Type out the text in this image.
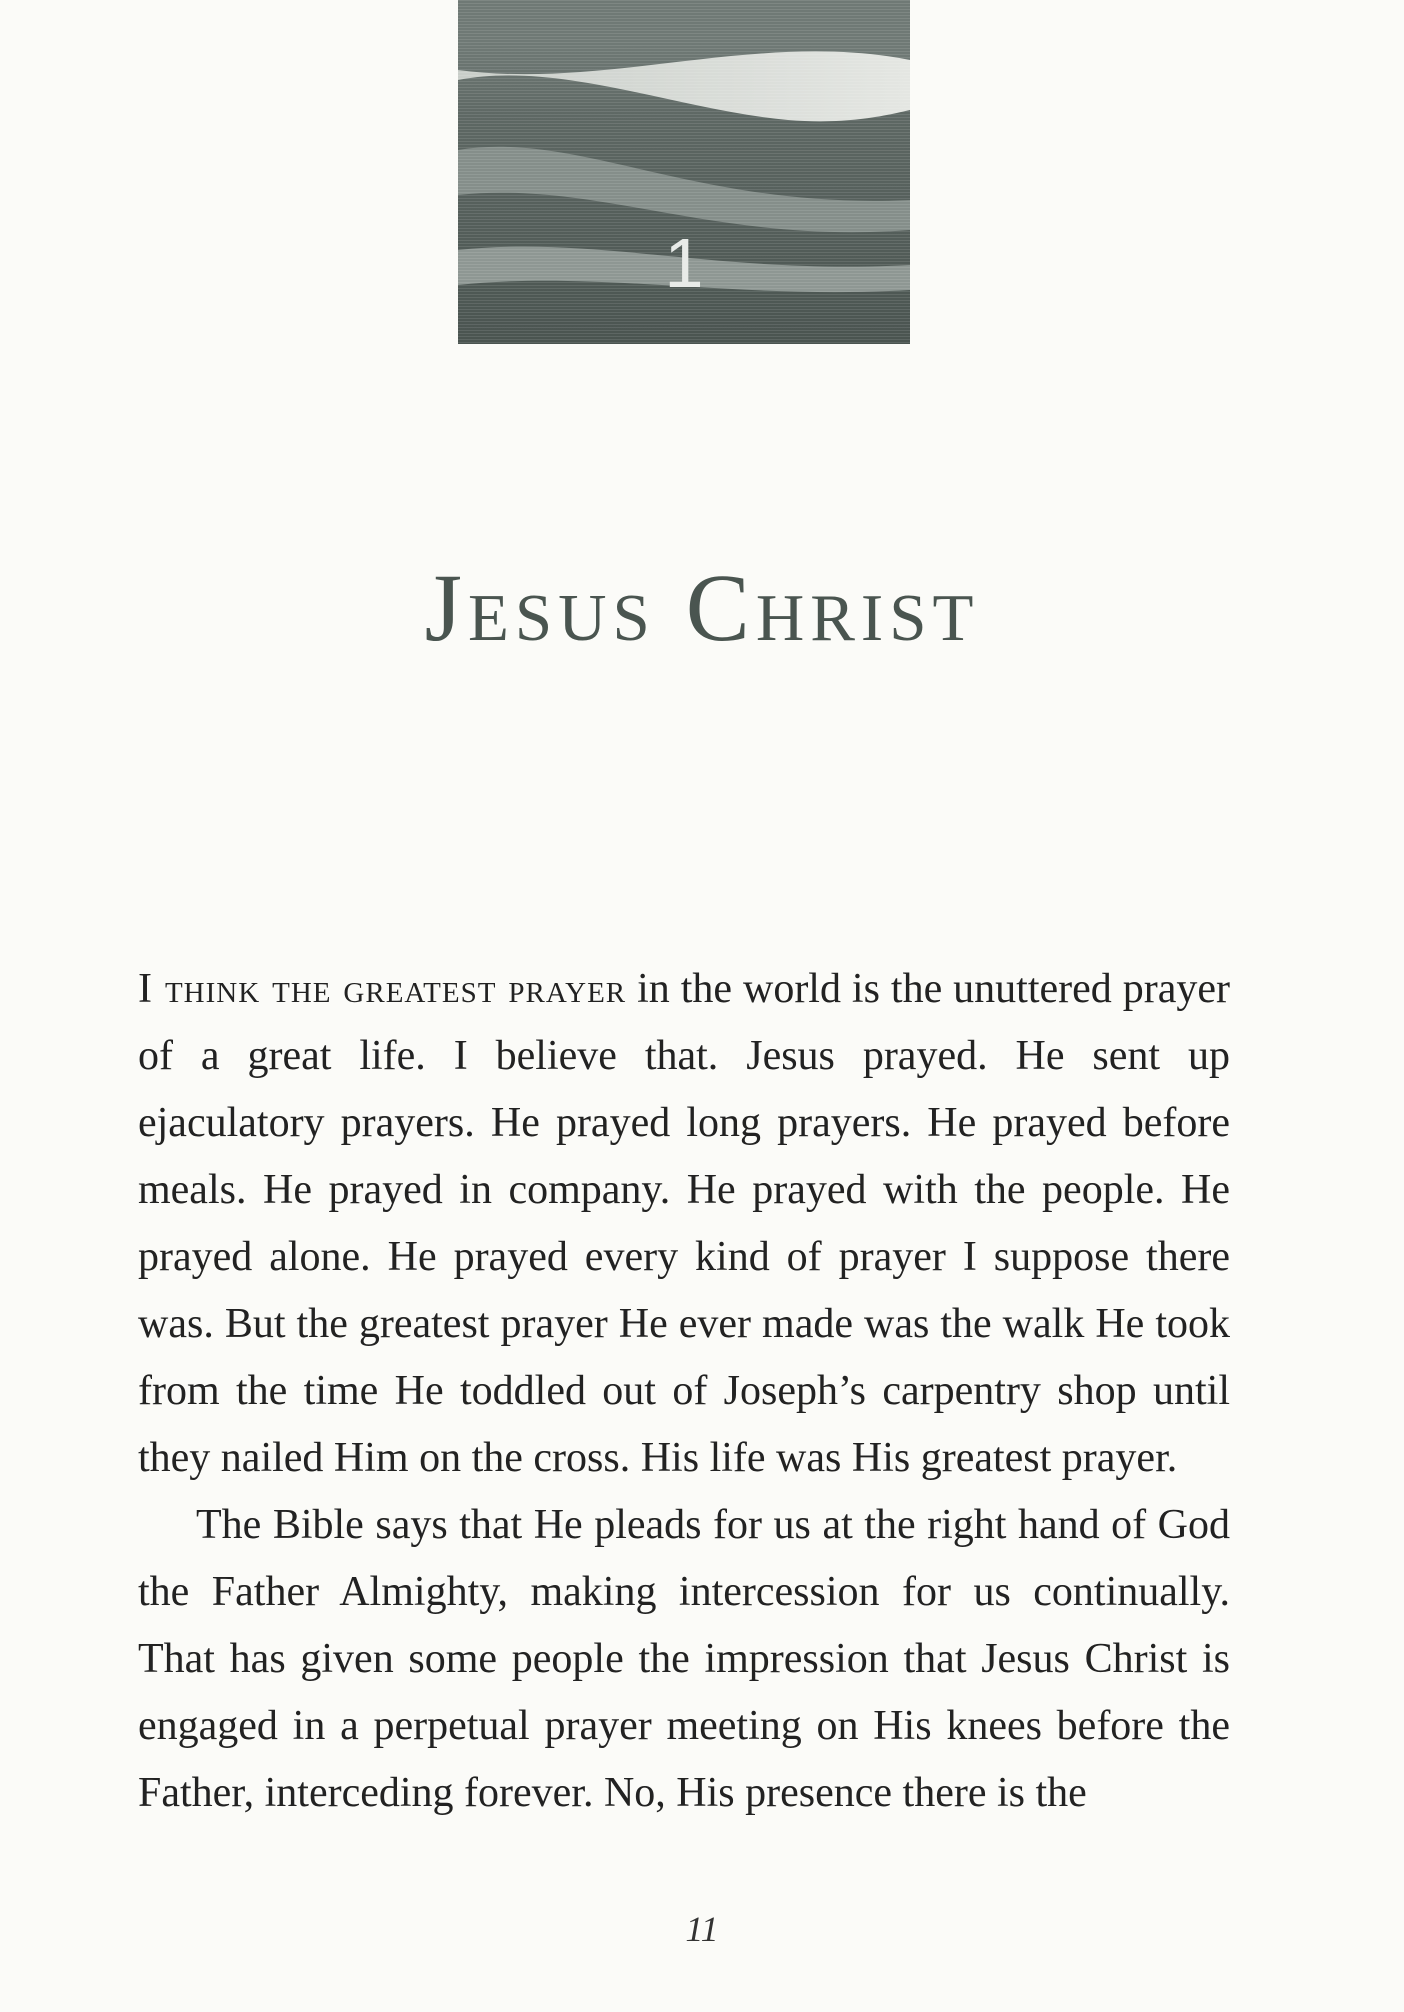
1
Jesus Christ

I think the greatest prayer in the world is the unuttered prayer of a great life. I believe that. Jesus prayed. He sent up ejaculatory prayers. He prayed long prayers. He prayed before meals. He prayed in company. He prayed with the people. He prayed alone. He prayed every kind of prayer I suppose there was. But the greatest prayer He ever made was the walk He took from the time He toddled out of Joseph’s carpentry shop until they nailed Him on the cross. His life was His greatest prayer.

The Bible says that He pleads for us at the right hand of God the Father Almighty, making intercession for us continually. That has given some people the impression that Jesus Christ is engaged in a perpetual prayer meeting on His knees before the Father, interceding forever. No, His presence there is the

11
